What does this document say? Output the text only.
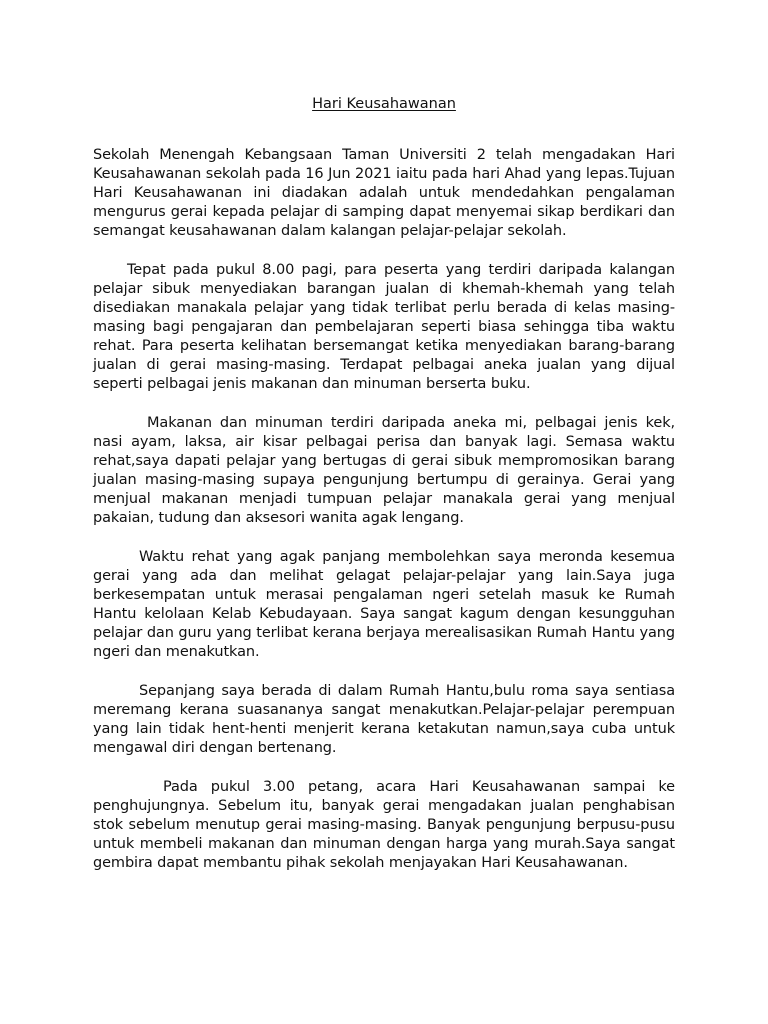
Hari Keusahawanan

Sekolah Menengah Kebangsaan Taman Universiti 2 telah mengadakan Hari Keusahawanan sekolah pada 16 Jun 2021 iaitu pada hari Ahad yang lepas.Tujuan Hari Keusahawanan ini diadakan adalah untuk mendedahkan pengalaman mengurus gerai kepada pelajar di samping dapat menyemai sikap berdikari dan semangat keusahawanan dalam kalangan pelajar-pelajar sekolah.

Tepat pada pukul 8.00 pagi, para peserta yang terdiri daripada kalangan pelajar sibuk menyediakan barangan jualan di khemah-khemah yang telah disediakan manakala pelajar yang tidak terlibat perlu berada di kelas masing-masing bagi pengajaran dan pembelajaran seperti biasa sehingga tiba waktu rehat. Para peserta kelihatan bersemangat ketika menyediakan barang-barang jualan di gerai masing-masing. Terdapat pelbagai aneka jualan yang dijual seperti pelbagai jenis makanan dan minuman berserta buku.

Makanan dan minuman terdiri daripada aneka mi, pelbagai jenis kek, nasi ayam, laksa, air kisar pelbagai perisa dan banyak lagi. Semasa waktu rehat,saya dapati pelajar yang bertugas di gerai sibuk mempromosikan barang jualan masing-masing supaya pengunjung bertumpu di gerainya. Gerai yang menjual makanan menjadi tumpuan pelajar manakala gerai yang menjual pakaian, tudung dan aksesori wanita agak lengang.

Waktu rehat yang agak panjang membolehkan saya meronda kesemua gerai yang ada dan melihat gelagat pelajar-pelajar yang lain.Saya juga berkesempatan untuk merasai pengalaman ngeri setelah masuk ke Rumah Hantu kelolaan Kelab Kebudayaan. Saya sangat kagum dengan kesungguhan pelajar dan guru yang terlibat kerana berjaya merealisasikan Rumah Hantu yang ngeri dan menakutkan.

Sepanjang saya berada di dalam Rumah Hantu,bulu roma saya sentiasa meremang kerana suasananya sangat menakutkan.Pelajar-pelajar perempuan yang lain tidak hent-henti menjerit kerana ketakutan namun,saya cuba untuk mengawal diri dengan bertenang.

Pada pukul 3.00 petang, acara Hari Keusahawanan sampai ke penghujungnya. Sebelum itu, banyak gerai mengadakan jualan penghabisan stok sebelum menutup gerai masing-masing. Banyak pengunjung berpusu-pusu untuk membeli makanan dan minuman dengan harga yang murah.Saya sangat gembira dapat membantu pihak sekolah menjayakan Hari Keusahawanan.
